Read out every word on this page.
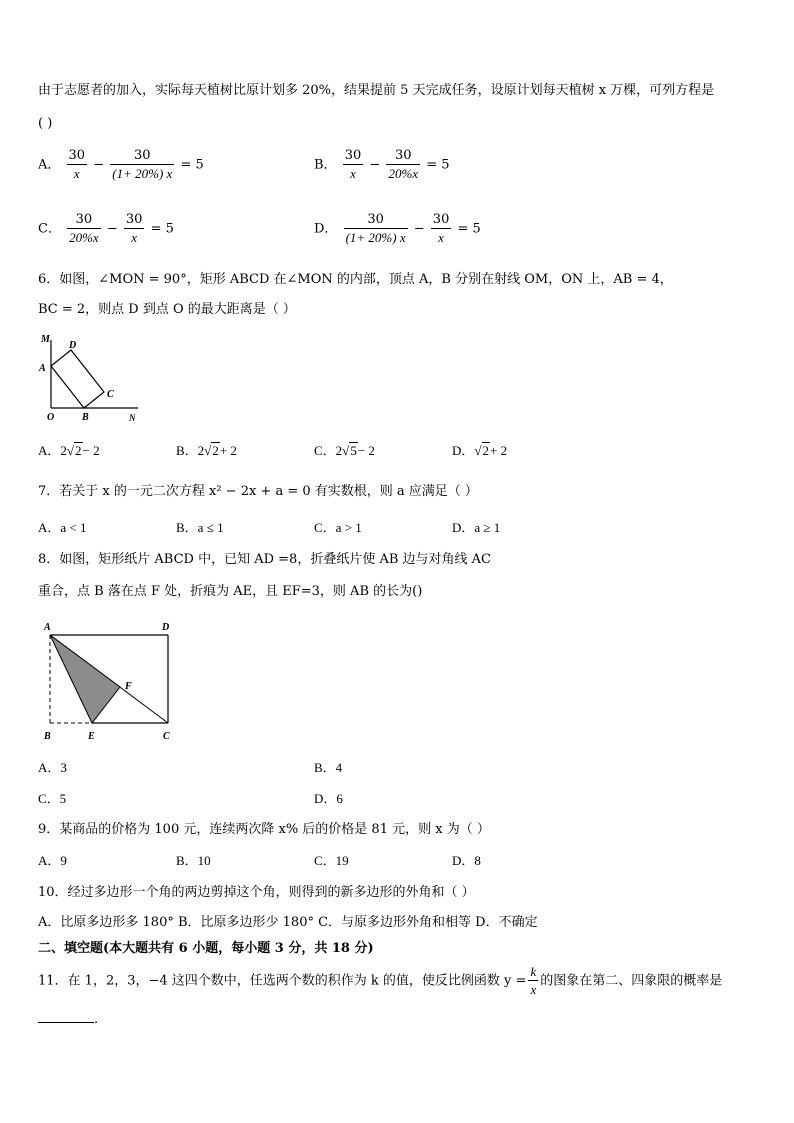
由于志愿者的加入，实际每天植树比原计划多 20%，结果提前 5 天完成任务，设原计划每天植树 x 万棵，可列方程是
( )
A． $\frac{30}{x} - \frac{30}{(1+ 20\%) x} = 5$	B． $\frac{30}{x} - \frac{30}{20\%x} = 5$
C． $\frac{30}{20\%x} - \frac{30}{x} = 5$	D． $\frac{30}{(1+ 20\%) x} - \frac{30}{x} = 5$
6．如图，∠MON = 90°，矩形 ABCD 在∠MON 的内部，顶点 A，B 分别在射线 OM，ON 上，AB = 4，
BC = 2，则点 D 到点 O 的最大距离是（ ）
M
D
A
C
O	B	N
A．2√2− 2	B．2√2+ 2	C．2√5− 2	D．√2+ 2
7．若关于 x 的一元二次方程 x² − 2x + a = 0 有实数根，则 a 应满足（ ）
A．a < 1	B．a ≤ 1	C．a > 1	D．a ≥ 1
8．如图，矩形纸片 ABCD 中，已知 AD =8，折叠纸片使 AB 边与对角线 AC
重合，点 B 落在点 F 处，折痕为 AE，且 EF=3，则 AB 的长为()
A	D
F
B	E	C
A．3	B．4
C．5	D．6
9．某商品的价格为 100 元，连续两次降 x% 后的价格是 81 元，则 x 为（ ）
A．9	B．10	C．19	D．8
10．经过多边形一个角的两边剪掉这个角，则得到的新多边形的外角和（ ）
A．比原多边形多 180° B．比原多边形少 180° C．与原多边形外角和相等 D．不确定
二、填空题(本大题共有 6 小题，每小题 3 分，共 18 分)
11．在 1，2，3，−4 这四个数中，任选两个数的积作为 k 的值，使反比例函数 $y = \frac{k}{x}$ 的图象在第二、四象限的概率是
.
